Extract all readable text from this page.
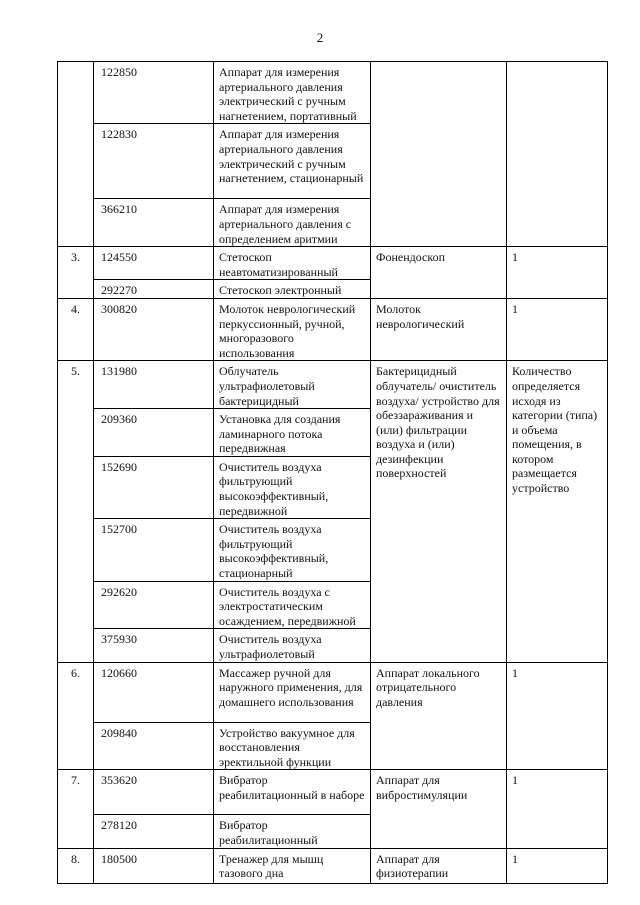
2
	122850	Аппарат для измерения артериального давления электрический с ручным нагнетением, портативный		
	122830	Аппарат для измерения артериального давления электрический с ручным нагнетением, стационарный		
	366210	Аппарат для измерения артериального давления с определением аритмии		
3.	124550	Стетоскоп неавтоматизированный	Фонендоскоп	1
	292270	Стетоскоп электронный		
4.	300820	Молоток неврологический перкуссионный, ручной, многоразового использования	Молоток неврологический	1
5.	131980	Облучатель ультрафиолетовый бактерицидный	Бактерицидный облучатель/ очиститель воздуха/ устройство для обеззараживания и (или) фильтрации воздуха и (или) дезинфекции поверхностей	Количество определяется исходя из категории (типа) и объема помещения, в котором размещается устройство
	209360	Установка для создания ламинарного потока передвижная		
	152690	Очиститель воздуха фильтрующий высокоэффективный, передвижной		
	152700	Очиститель воздуха фильтрующий высокоэффективный, стационарный		
	292620	Очиститель воздуха с электростатическим осаждением, передвижной		
	375930	Очиститель воздуха ультрафиолетовый		
6.	120660	Массажер ручной для наружного применения, для домашнего использования	Аппарат локального отрицательного давления	1
	209840	Устройство вакуумное для восстановления эректильной функции		
7.	353620	Вибратор реабилитационный в наборе	Аппарат для вибростимуляции	1
	278120	Вибратор реабилитационный		
8.	180500	Тренажер для мышц тазового дна	Аппарат для физиотерапии	1
